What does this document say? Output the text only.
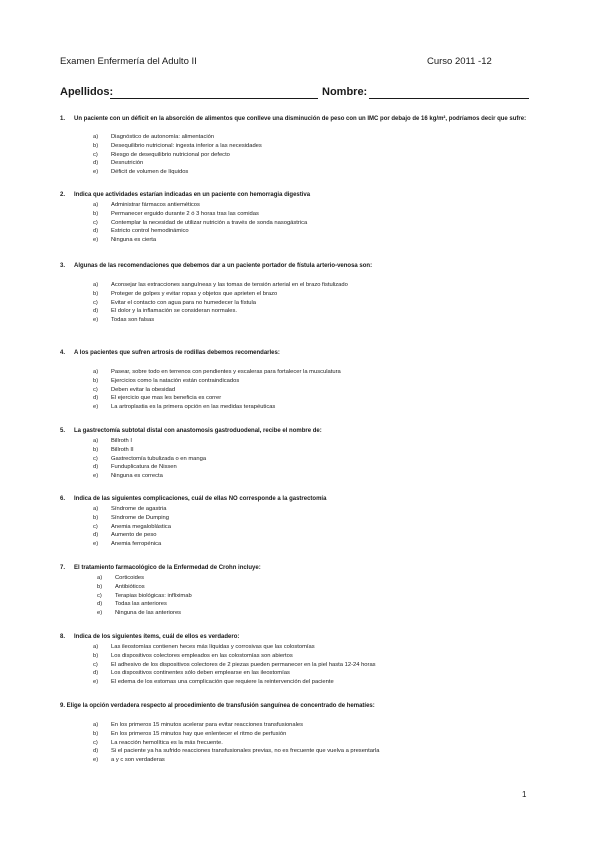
Examen Enfermería del Adulto II	Curso 2011 -12
Apellidos:	Nombre:
1. Un paciente con un déficit en la absorción de alimentos que conlleve una disminución de peso con un IMC por debajo de 16 kg/m², podríamos decir que sufre:
a)	Diagnóstico de autonomía: alimentación
b)	Desequilibrio nutricional: ingesta inferior a las necesidades
c)	Riesgo de desequilibrio nutricional por defecto
d)	Desnutrición
e)	Déficit de volumen de líquidos
2. Indica que actividades estarían indicadas en un paciente con hemorragia digestiva
a)	Administrar fármacos antieméticos
b)	Permanecer erguido durante 2 ó 3 horas tras las comidas
c)	Contemplar la necesidad de utilizar nutrición a través de sonda nasogástrica
d)	Estricto control hemodinámico
e)	Ninguna es cierta
3. Algunas de las recomendaciones que debemos dar a un paciente portador de fístula arterio-venosa son:
a)	Aconsejar las extracciones sanguíneas y las tomas de tensión arterial en el brazo fistulizado
b)	Proteger de golpes y evitar ropas y objetos que aprieten el brazo
c)	Evitar el contacto con agua para no humedecer la fístula
d)	El dolor y la inflamación se consideran normales.
e)	Todas son falsas
4. A los pacientes que sufren artrosis de rodillas debemos recomendarles:
a)	Pasear, sobre todo en terrenos con pendientes y escaleras para fortalecer la musculatura
b)	Ejercicios como la natación están contraindicados
c)	Deben evitar la obesidad
d)	El ejercicio que mas les beneficia es correr
e)	La artroplastia es la primera opción en las medidas terapéuticas
5. La gastrectomía subtotal distal con anastomosis gastroduodenal, recibe el nombre de:
a)	Billroth I
b)	Billroth II
c)	Gastrectomía tubulizada o en manga
d)	Funduplicatura de Nissen
e)	Ninguna es correcta
6. Indica de las siguientes complicaciones, cuál de ellas NO corresponde a la gastrectomía
a)	Síndrome de agastria
b)	Síndrome de Dumping
c)	Anemia megaloblástica
d)	Aumento de peso
e)	Anemia ferropénica
7. El tratamiento farmacológico de la Enfermedad de Crohn incluye:
a)	Corticoides
b)	Antibióticos
c)	Terapias biológicas: infliximab
d)	Todas las anteriores
e)	Ninguna de las anteriores
8. Indica de los siguientes ítems, cuál de ellos es verdadero:
a)	Las ileostomías contienen heces más líquidas y corrosivas que las colostomías
b)	Los dispositivos colectores empleados en las colostomías son abiertos
c)	El adhesivo de los dispositivos colectores de 2 piezas pueden permanecer en la piel hasta 12-24 horas
d)	Los dispositivos continentes sólo deben emplearse en las ileostomías
e)	El edema de los estomas una complicación que requiere la reintervención del paciente
9. Elige la opción verdadera respecto al procedimiento de transfusión sanguínea de concentrado de hematíes:
a)	En los primeros 15 minutos acelerar para evitar reacciones transfusionales
b)	En los primeros 15 minutos hay que enlentecer el ritmo de perfusión
c)	La reacción hemolítica es la más frecuente.
d)	Si el paciente ya ha sufrido reacciones transfusionales previas, no es frecuente que vuelva a presentarla
e)	a y c son verdaderas
1
